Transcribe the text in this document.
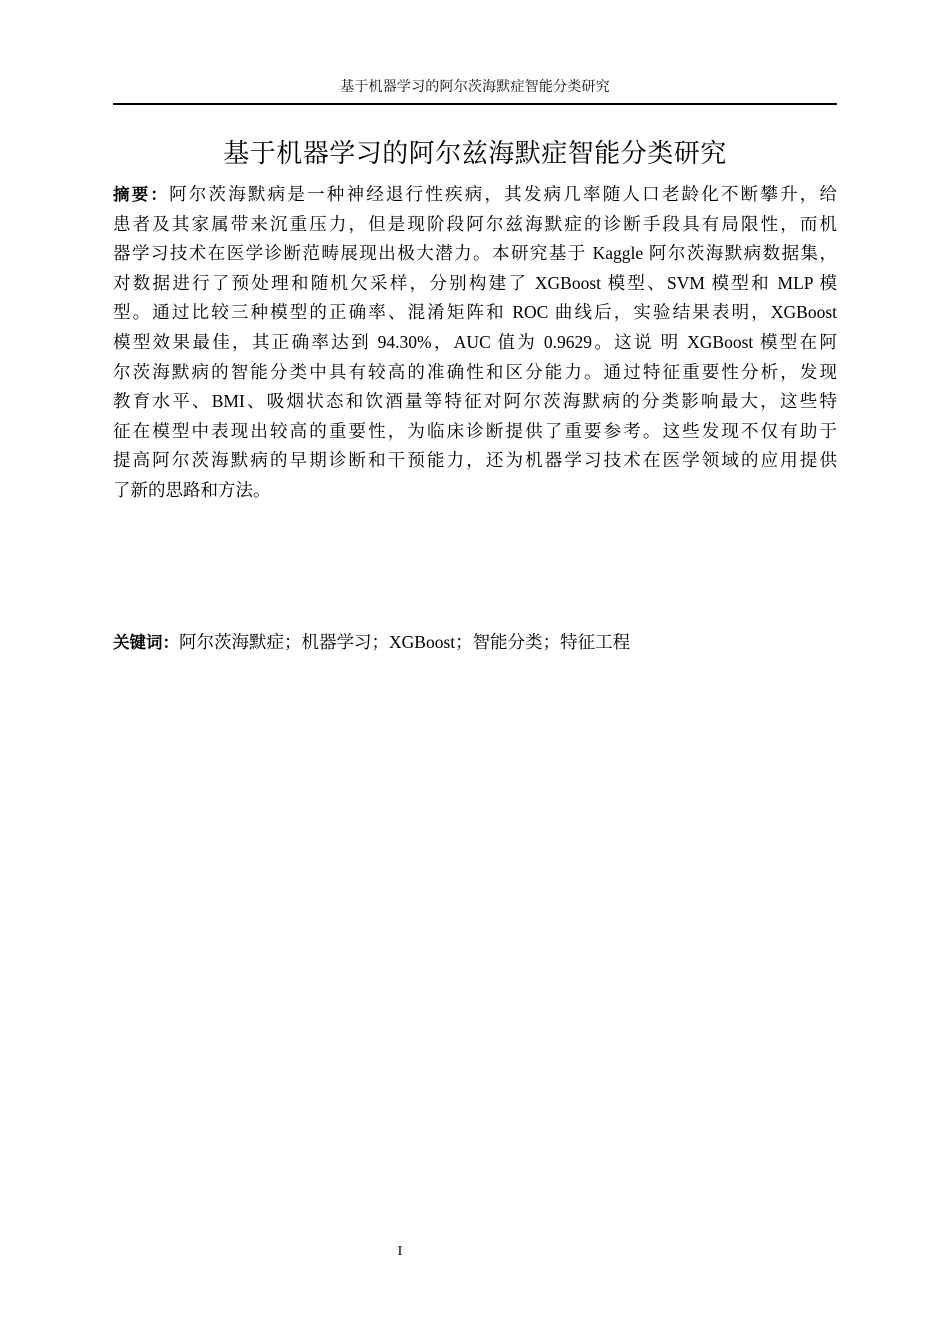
基于机器学习的阿尔茨海默症智能分类研究
基于机器学习的阿尔兹海默症智能分类研究
摘要：阿尔茨海默病是一种神经退行性疾病，其发病几率随人口老龄化不断攀升，给
患者及其家属带来沉重压力，但是现阶段阿尔兹海默症的诊断手段具有局限性，而机
器学习技术在医学诊断范畴展现出极大潜力。本研究基于 Kaggle 阿尔茨海默病数据集，
对数据进行了预处理和随机欠采样，分别构建了 XGBoost 模型、SVM 模型和 MLP 模
型。通过比较三种模型的正确率、混淆矩阵和 ROC 曲线后，实验结果表明，XGBoost
模型效果最佳，其正确率达到 94.30%，AUC 值为 0.9629。这说 明 XGBoost 模型在阿
尔茨海默病的智能分类中具有较高的准确性和区分能力。通过特征重要性分析，发现
教育水平、BMI、吸烟状态和饮酒量等特征对阿尔茨海默病的分类影响最大，这些特
征在模型中表现出较高的重要性，为临床诊断提供了重要参考。这些发现不仅有助于
提高阿尔茨海默病的早期诊断和干预能力，还为机器学习技术在医学领域的应用提供
了新的思路和方法。
关键词：阿尔茨海默症；机器学习；XGBoost；智能分类；特征工程
I
